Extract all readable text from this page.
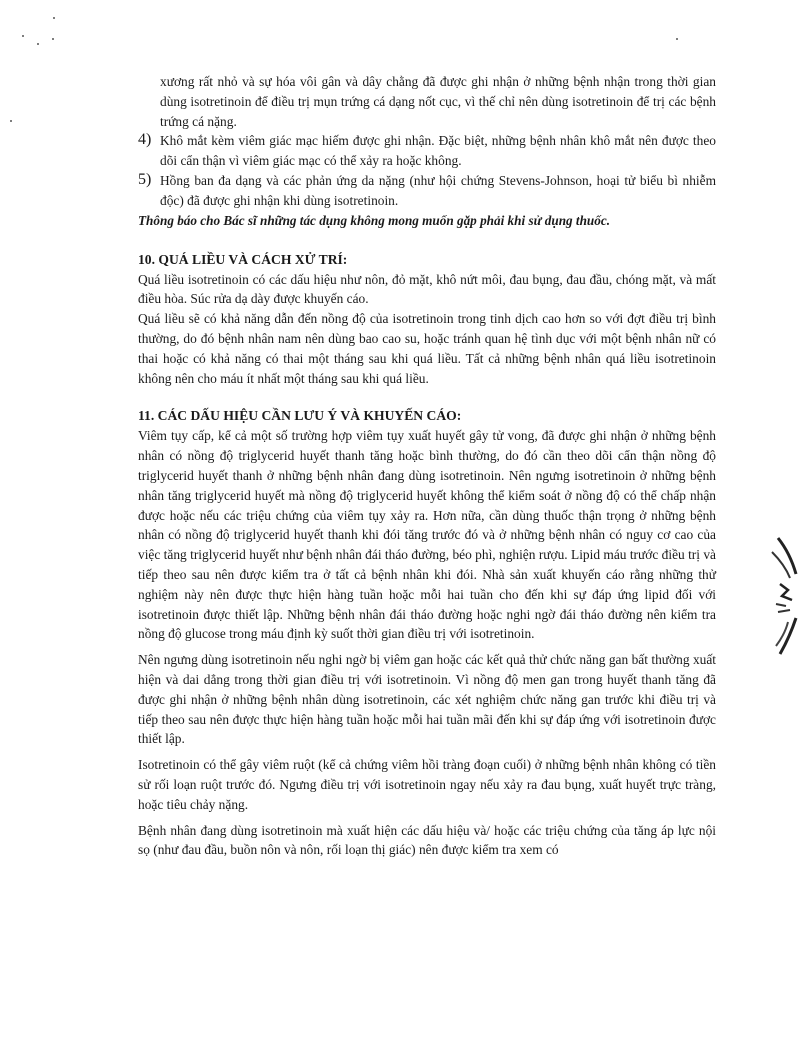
xương rất nhỏ và sự hóa vôi gân và dây chằng đã được ghi nhận ở những bệnh nhận trong thời gian dùng isotretinoin để điều trị mụn trứng cá dạng nốt cục, vì thế chỉ nên dùng isotretinoin để trị các bệnh trứng cá nặng.

4) Khô mắt kèm viêm giác mạc hiếm được ghi nhận. Đặc biệt, những bệnh nhân khô mắt nên được theo dõi cẩn thận vì viêm giác mạc có thể xảy ra hoặc không.

5) Hồng ban đa dạng và các phản ứng da nặng (như hội chứng Stevens-Johnson, hoại tử biểu bì nhiễm độc) đã được ghi nhận khi dùng isotretinoin.

Thông báo cho Bác sĩ những tác dụng không mong muốn gặp phải khi sử dụng thuốc.

10. QUÁ LIỀU VÀ CÁCH XỬ TRÍ:

Quá liều isotretinoin có các dấu hiệu như nôn, đỏ mặt, khô nứt môi, đau bụng, đau đầu, chóng mặt, và mất điều hòa. Súc rửa dạ dày được khuyến cáo.

Quá liều sẽ có khả năng dẫn đến nồng độ của isotretinoin trong tinh dịch cao hơn so với đợt điều trị bình thường, do đó bệnh nhân nam nên dùng bao cao su, hoặc tránh quan hệ tình dục với một bệnh nhân nữ có thai hoặc có khả năng có thai một tháng sau khi quá liều. Tất cả những bệnh nhân quá liều isotretinoin không nên cho máu ít nhất một tháng sau khi quá liều.

11. CÁC DẤU HIỆU CẦN LƯU Ý VÀ KHUYẾN CÁO:

Viêm tụy cấp, kể cả một số trường hợp viêm tụy xuất huyết gây tử vong, đã được ghi nhận ở những bệnh nhân có nồng độ triglycerid huyết thanh tăng hoặc bình thường, do đó cần theo dõi cẩn thận nồng độ triglycerid huyết thanh ở những bệnh nhân đang dùng isotretinoin. Nên ngưng isotretinoin ở những bệnh nhân tăng triglycerid huyết mà nồng độ triglycerid huyết không thể kiểm soát ở nồng độ có thể chấp nhận được hoặc nếu các triệu chứng của viêm tụy xảy ra. Hơn nữa, cần dùng thuốc thận trọng ở những bệnh nhân có nồng độ triglycerid huyết thanh khi đói tăng trước đó và ở những bệnh nhân có nguy cơ cao của việc tăng triglycerid huyết như bệnh nhân đái tháo đường, béo phì, nghiện rượu. Lipid máu trước điều trị và tiếp theo sau nên được kiểm tra ở tất cả bệnh nhân khi đói. Nhà sản xuất khuyến cáo rằng những thử nghiệm này nên được thực hiện hàng tuần hoặc mỗi hai tuần cho đến khi sự đáp ứng lipid đối với isotretinoin được thiết lập. Những bệnh nhân đái tháo đường hoặc nghi ngờ đái tháo đường nên kiểm tra nồng độ glucose trong máu định kỳ suốt thời gian điều trị với isotretinoin.

Nên ngưng dùng isotretinoin nếu nghi ngờ bị viêm gan hoặc các kết quả thử chức năng gan bất thường xuất hiện và dai dẳng trong thời gian điều trị với isotretinoin. Vì nồng độ men gan trong huyết thanh tăng đã được ghi nhận ở những bệnh nhân dùng isotretinoin, các xét nghiệm chức năng gan trước khi điều trị và tiếp theo sau nên được thực hiện hàng tuần hoặc mỗi hai tuần mãi đến khi sự đáp ứng với isotretinoin được thiết lập.

Isotretinoin có thể gây viêm ruột (kể cả chứng viêm hồi tràng đoạn cuối) ở những bệnh nhân không có tiền sử rối loạn ruột trước đó. Ngưng điều trị với isotretinoin ngay nếu xảy ra đau bụng, xuất huyết trực tràng, hoặc tiêu chảy nặng.

Bệnh nhân đang dùng isotretinoin mà xuất hiện các dấu hiệu và/ hoặc các triệu chứng của tăng áp lực nội sọ (như đau đầu, buồn nôn và nôn, rối loạn thị giác) nên được kiểm tra xem có
